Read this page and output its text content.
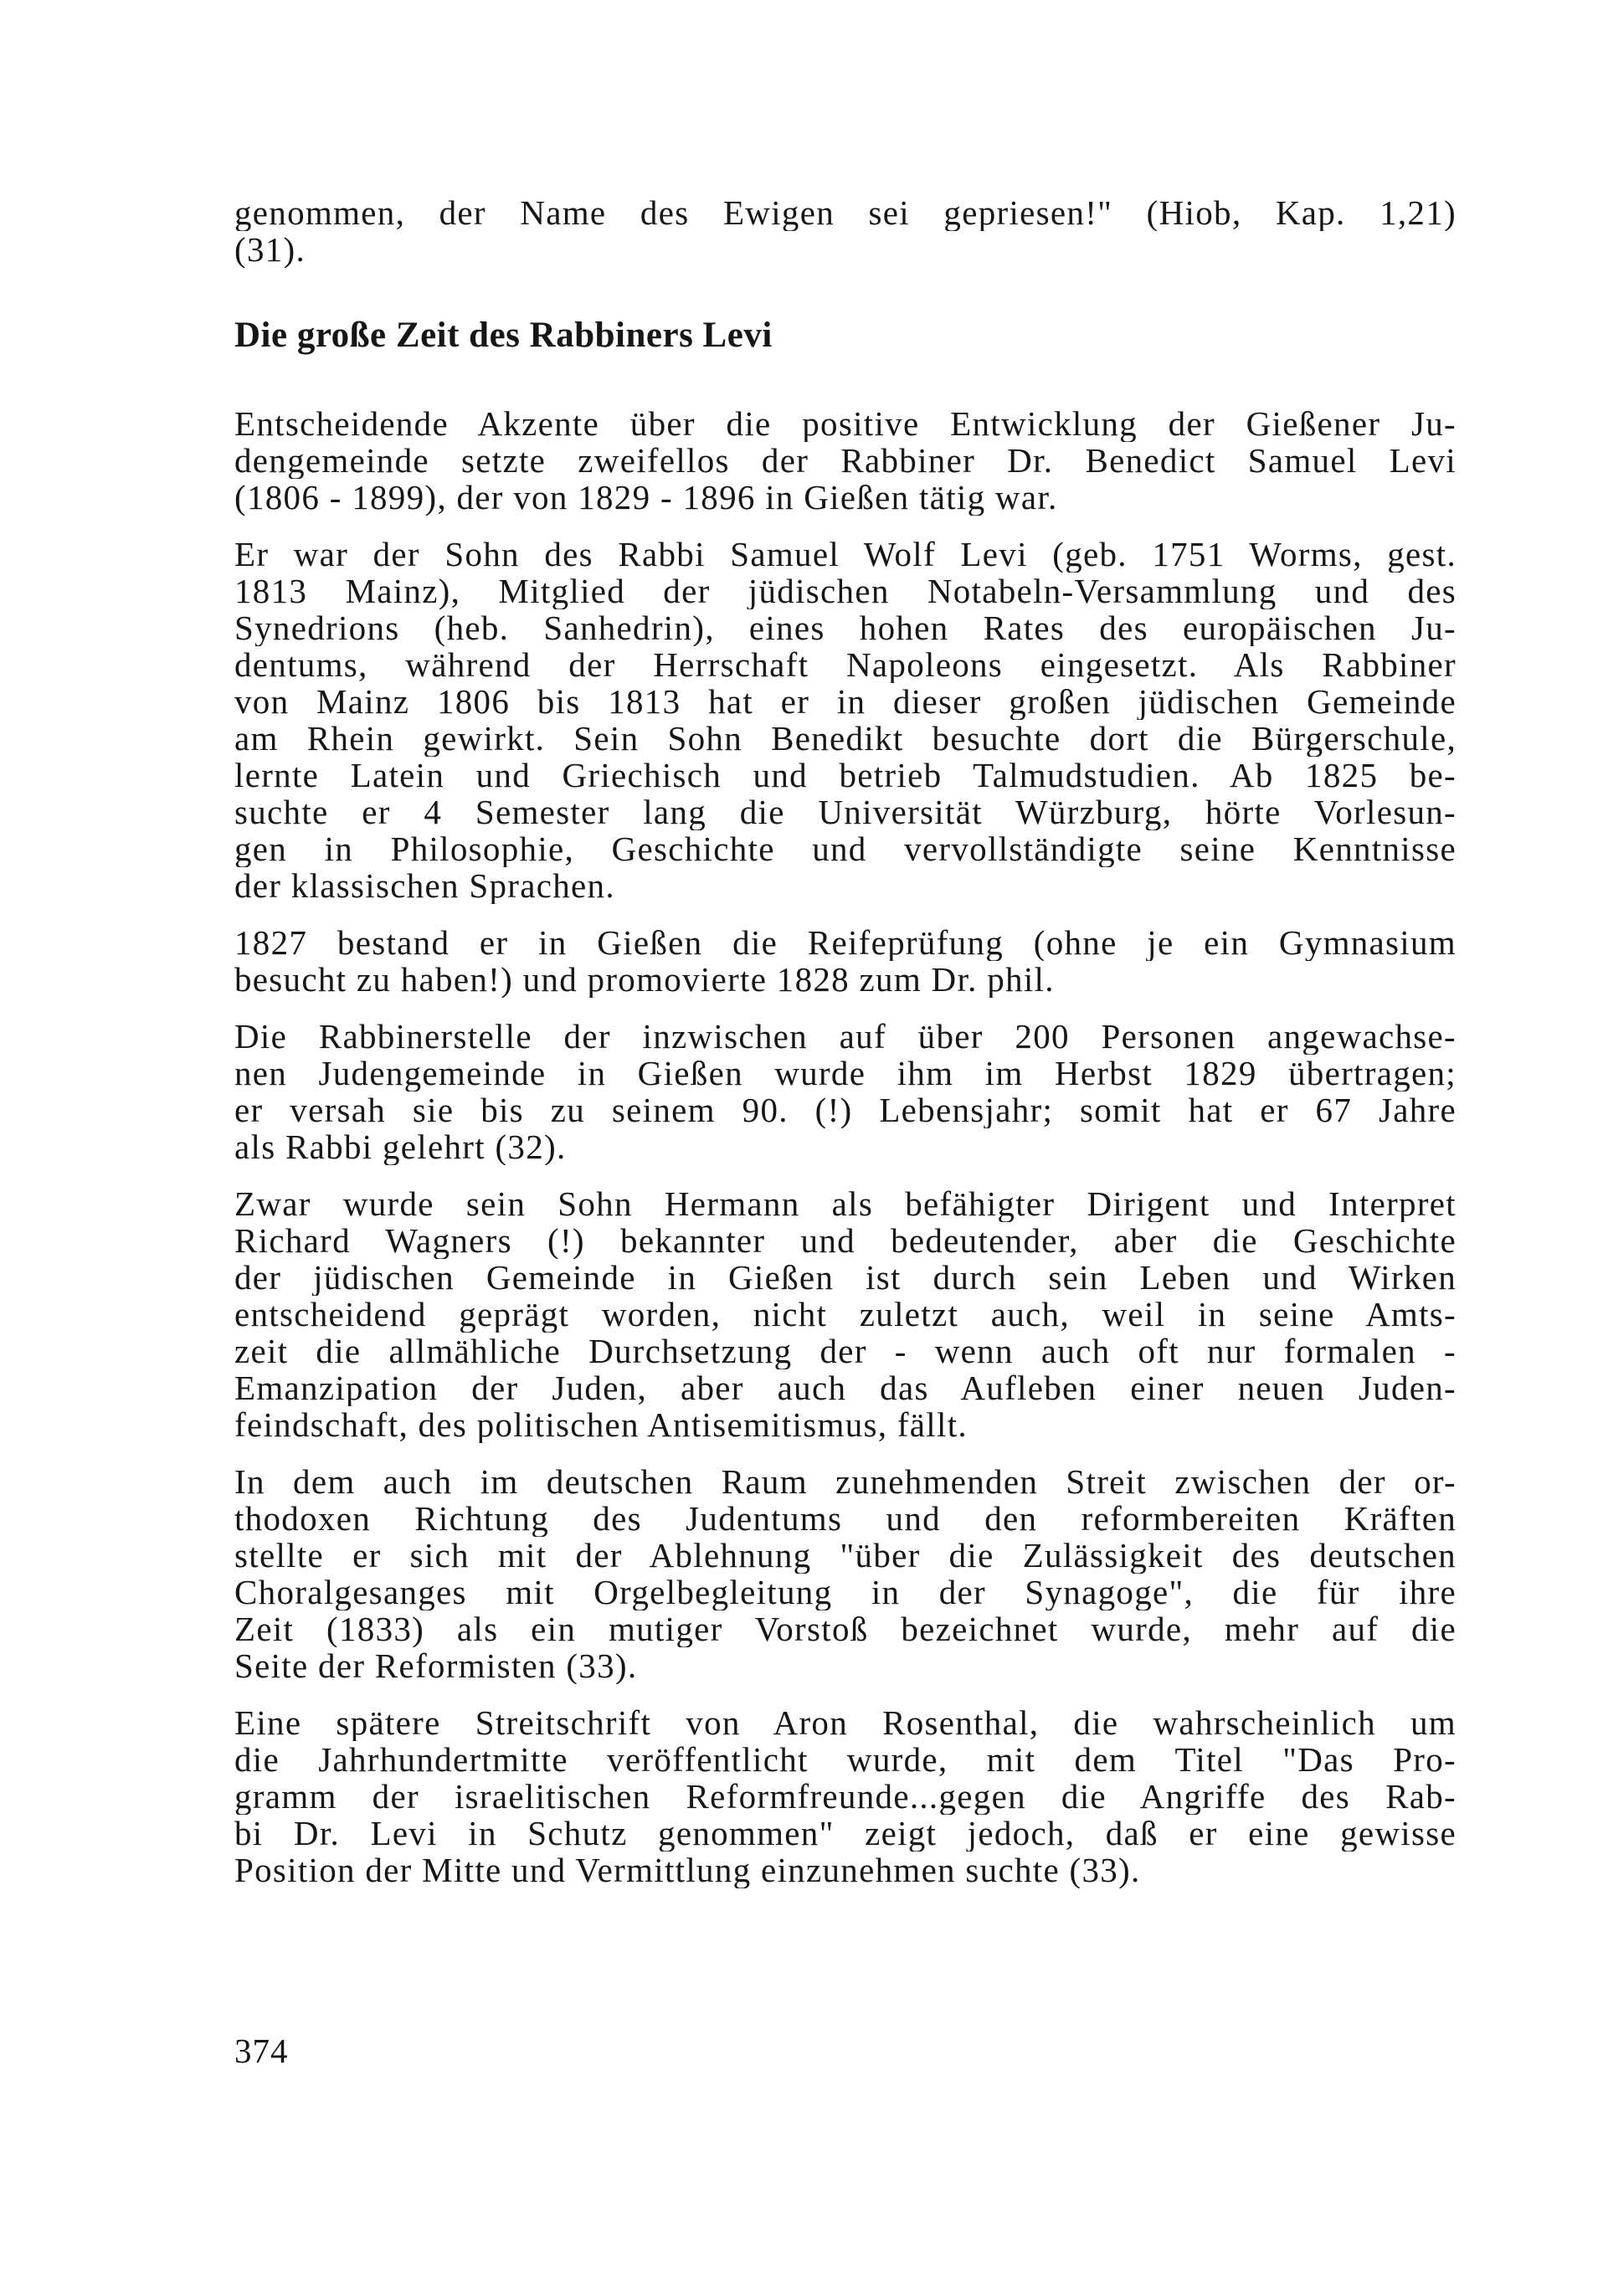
genommen, der Name des Ewigen sei gepriesen!" (Hiob, Kap. 1,21)
(31).
Die große Zeit des Rabbiners Levi
Entscheidende Akzente über die positive Entwicklung der Gießener Ju-
dengemeinde setzte zweifellos der Rabbiner Dr. Benedict Samuel Levi
(1806 - 1899), der von 1829 - 1896 in Gießen tätig war.
Er war der Sohn des Rabbi Samuel Wolf Levi (geb. 1751 Worms, gest.
1813 Mainz), Mitglied der jüdischen Notabeln-Versammlung und des
Synedrions (heb. Sanhedrin), eines hohen Rates des europäischen Ju-
dentums, während der Herrschaft Napoleons eingesetzt. Als Rabbiner
von Mainz 1806 bis 1813 hat er in dieser großen jüdischen Gemeinde
am Rhein gewirkt. Sein Sohn Benedikt besuchte dort die Bürgerschule,
lernte Latein und Griechisch und betrieb Talmudstudien. Ab 1825 be-
suchte er 4 Semester lang die Universität Würzburg, hörte Vorlesun-
gen in Philosophie, Geschichte und vervollständigte seine Kenntnisse
der klassischen Sprachen.
1827 bestand er in Gießen die Reifeprüfung (ohne je ein Gymnasium
besucht zu haben!) und promovierte 1828 zum Dr. phil.
Die Rabbinerstelle der inzwischen auf über 200 Personen angewachse-
nen Judengemeinde in Gießen wurde ihm im Herbst 1829 übertragen;
er versah sie bis zu seinem 90. (!) Lebensjahr; somit hat er 67 Jahre
als Rabbi gelehrt (32).
Zwar wurde sein Sohn Hermann als befähigter Dirigent und Interpret
Richard Wagners (!) bekannter und bedeutender, aber die Geschichte
der jüdischen Gemeinde in Gießen ist durch sein Leben und Wirken
entscheidend geprägt worden, nicht zuletzt auch, weil in seine Amts-
zeit die allmähliche Durchsetzung der - wenn auch oft nur formalen -
Emanzipation der Juden, aber auch das Aufleben einer neuen Juden-
feindschaft, des politischen Antisemitismus, fällt.
In dem auch im deutschen Raum zunehmenden Streit zwischen der or-
thodoxen Richtung des Judentums und den reformbereiten Kräften
stellte er sich mit der Ablehnung "über die Zulässigkeit des deutschen
Choralgesanges mit Orgelbegleitung in der Synagoge", die für ihre
Zeit (1833) als ein mutiger Vorstoß bezeichnet wurde, mehr auf die
Seite der Reformisten (33).
Eine spätere Streitschrift von Aron Rosenthal, die wahrscheinlich um
die Jahrhundertmitte veröffentlicht wurde, mit dem Titel "Das Pro-
gramm der israelitischen Reformfreunde...gegen die Angriffe des Rab-
bi Dr. Levi in Schutz genommen" zeigt jedoch, daß er eine gewisse
Position der Mitte und Vermittlung einzunehmen suchte (33).
374
